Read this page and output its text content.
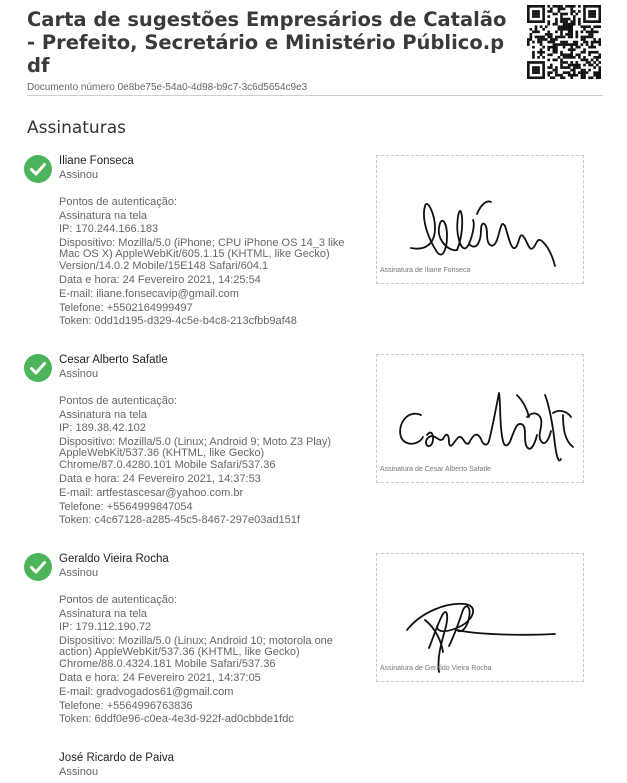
Carta de sugestões Empresários de Catalão - Prefeito, Secretário e Ministério Público.pdf
Documento número 0e8be75e-54a0-4d98-b9c7-3c6d5654c9e3
Assinaturas
Iliane Fonseca
Assinou
Pontos de autenticação:
Assinatura na tela
IP: 170.244.166.183
Dispositivo: Mozilla/5.0 (iPhone; CPU iPhone OS 14_3 like Mac OS X) AppleWebKit/605.1.15 (KHTML, like Gecko) Version/14.0.2 Mobile/15E148 Safari/604.1
Data e hora: 24 Fevereiro 2021, 14:25:54
E-mail: iliane.fonsecavip@gmail.com
Telefone: +5502164999497
Token: 0dd1d195-d329-4c5e-b4c8-213cfbb9af48
Assinatura de Iliane Fonseca
Cesar Alberto Safatle
Assinou
Pontos de autenticação:
Assinatura na tela
IP: 189.38.42.102
Dispositivo: Mozilla/5.0 (Linux; Android 9; Moto Z3 Play) AppleWebKit/537.36 (KHTML, like Gecko) Chrome/87.0.4280.101 Mobile Safari/537.36
Data e hora: 24 Fevereiro 2021, 14:37:53
E-mail: artfestascesar@yahoo.com.br
Telefone: +5564999847054
Token: c4c67128-a285-45c5-8467-297e03ad151f
Assinatura de Cesar Alberto Safatle
Geraldo Vieira Rocha
Assinou
Pontos de autenticação:
Assinatura na tela
IP: 179.112.190.72
Dispositivo: Mozilla/5.0 (Linux; Android 10; motorola one action) AppleWebKit/537.36 (KHTML, like Gecko) Chrome/88.0.4324.181 Mobile Safari/537.36
Data e hora: 24 Fevereiro 2021, 14:37:05
E-mail: gradvogados61@gmail.com
Telefone: +5564996763836
Token: 6ddf0e96-c0ea-4e3d-922f-ad0cbbde1fdc
Assinatura de Geraldo Vieira Rocha
José Ricardo de Paiva
Assinou
